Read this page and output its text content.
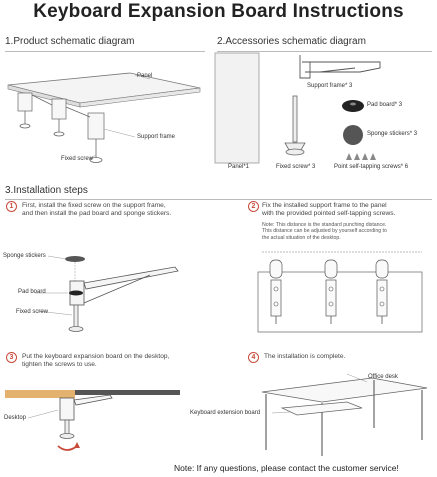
Keyboard Expansion Board Instructions
1.Product schematic diagram
Panel
Support frame
Fixed screw
2.Accessories schematic diagram
Panel*1
Support frame* 3
Fixed screw* 3
Pad board* 3
Sponge stickers* 3
Point self-tapping screws* 6
3.Installation steps
1	First, install the fixed screw on the support frame,
and then install the pad board and sponge stickers.
Sponge stickers
Pad board
Fixed screw
2 Fix the installed support frame to the panel
with the provided pointed self-tapping screws.
Note: This distance is the standard punching distance.
This distance can be adjusted by yourself according to
the actual situation of the desktop.
3	Put the keyboard expansion board on the desktop,
tighten the screws to use.
Desktop
4	The installation is complete.
Office desk
Keyboard extension board
Note: If any questions, please contact the customer service!
